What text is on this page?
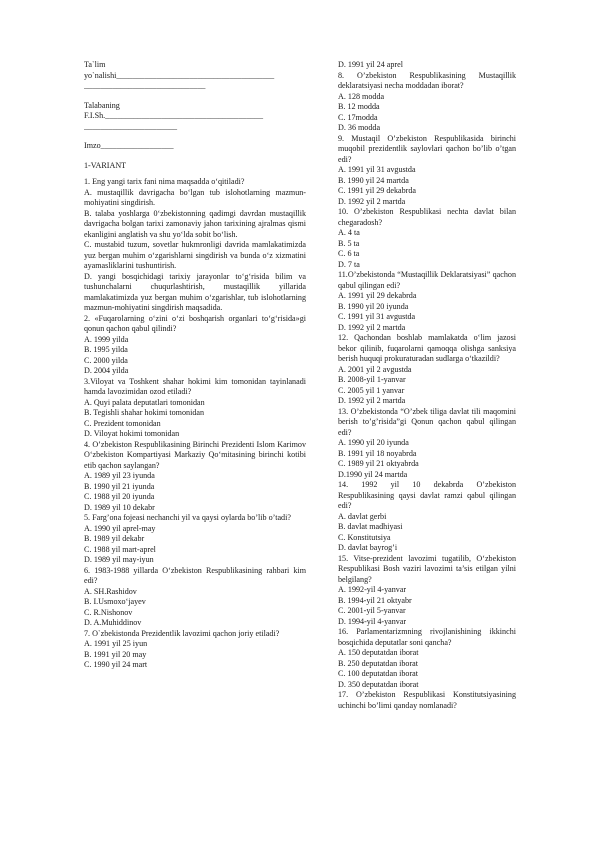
Ta`lim
yo`nalishi_______________________________________
______________________________
Talabaning
F.I.Sh._______________________________________
_______________________
Imzo__________________
1-VARIANT
1. Eng yangi tarix fani nima maqsadda o‘qitiladi?
A. mustaqillik davrigacha bo‘lgan tub islohotlarning mazmun-mohiyatini singdirish.
B. talaba yoshlarga 0‘zbekistonning qadimgi davrdan mustaqillik davrigacha bolgan tarixi zamonaviy jahon tarixining ajralmas qismi ekanligini anglatish va shu yo‘lda sobit bo‘lish.
C. mustabid tuzum, sovetlar hukmronligi davrida mamlakatimizda yuz bergan muhim o‘zgarishlarni singdirish va bunda o‘z xizmatini ayamasliklarini tushuntirish.
D. yangi bosqichidagi tarixiy jarayonlar to‘g‘risida bilim va tushunchalarni chuqurlashtirish, mustaqillik yillarida mamlakatimizda yuz bergan muhim o‘zgarishlar, tub islohotlarning mazmun-mohiyatini singdirish maqsadida.
2. «Fuqarolarning o‘zini o‘zi boshqarish organlari to‘g‘risida»gi qonun qachon qabul qilindi?
A. 1999 yilda
B. 1995 yilda
C. 2000 yilda
D. 2004 yilda
3.Viloyat va Toshkent shahar hokimi kim tomonidan tayinlanadi hamda lavozimidan ozod etiladi?
A. Quyi palata deputatlari tomonidan
B. Tegishli shahar hokimi tomonidan
C. Prezident tomonidan
D. Viloyat hokimi tomonidan
4. O’zbekiston Respublikasining Birinchi Prezidenti Islom Karimov O‘zbekiston Kompartiyasi Markaziy Qo‘mitasining birinchi kotibi etib qachon saylangan?
A. 1989 yil 23 iyunda
B. 1990 yil 21 iyunda
C. 1988 yil 20 iyunda
D. 1989 yil 10 dekabr
5. Farg’ona fojeasi nechanchi yil va qaysi oylarda bo’lib o’tadi?
A. 1990 yil aprel-may
B. 1989 yil dekabr
C. 1988 yil mart-aprel
D. 1989 yil may-iyun
6. 1983-1988 yillarda O‘zbekiston Respublikasining rahbari kim edi?
A. SH.Rashidov
B. I.Usmoxo‘jayev
C. R.Nishonov
D. A.Muhiddinov
7. O`zbekistonda Prezidentlik lavozimi qachon joriy etiladi?
A. 1991 yil 25 iyun
B. 1991 yil 20 may
C. 1990 yil 24 mart
D. 1991 yil 24 aprel
8. O’zbekiston Respublikasining Mustaqillik deklaratsiyasi necha moddadan iborat?
A. 128 modda
B. 12 modda
C. 17modda
D. 36 modda
9. Mustaqil O’zbekiston Respublikasida birinchi muqobil prezidentlik saylovlari qachon bo’lib o’tgan edi?
A. 1991 yil 31 avgustda
B. 1990 yil 24 martda
C. 1991 yil 29 dekabrda
D. 1992 yil 2 martda
10. O’zbekiston Respublikasi nechta davlat bilan chegaradosh?
A. 4 ta
B. 5 ta
C. 6 ta
D. 7 ta
11.O’zbekistonda “Mustaqillik Deklaratsiyasi” qachon qabul qilingan edi?
A. 1991 yil 29 dekabrda
B. 1990 yil 20 iyunda
C. 1991 yil 31 avgustda
D. 1992 yil 2 martda
12. Qachondan boshlab mamlakatda o‘lim jazosi bekor qilinib, fuqarolarni qamoqqa olishga sanksiya berish huquqi prokuraturadan sudlarga o‘tkazildi?
A. 2001 yil 2 avgustda
B. 2008-yil 1-yanvar
C. 2005 yil 1 yanvar
D. 1992 yil 2 martda
13. O’zbekistonda “O’zbek tiliga davlat tili maqomini berish to’g’risida”gi Qonun qachon qabul qilingan edi?
A. 1990 yil 20 iyunda
B. 1991 yil 18 noyabrda
C. 1989 yil 21 oktyabrda
D.1990 yil 24 martda
14. 1992 yil 10 dekabrda O’zbekiston Respublikasining qaysi davlat ramzi qabul qilingan edi?
A. davlat gerbi
B. davlat madhiyasi
C. Konstitutsiya
D. davlat bayrog’i
15. Vitse-prezident lavozimi tugatilib, O‘zbekiston Respublikasi Bosh vaziri lavozimi ta’sis etilgan yilni belgilang?
A. 1992-yil 4-yanvar
B. 1994-yil 21 oktyabr
C. 2001-yil 5-yanvar
D. 1994-yil 4-yanvar
16. Parlamentarizmning rivojlanishining ikkinchi bosqichida deputatlar soni qancha?
A. 150 deputatdan iborat
B. 250 deputatdan iborat
C. 100 deputatdan iborat
D. 350 deputatdan iborat
17. O’zbekiston Respublikasi Konstitutsiyasining uchinchi bo’limi qanday nomlanadi?
